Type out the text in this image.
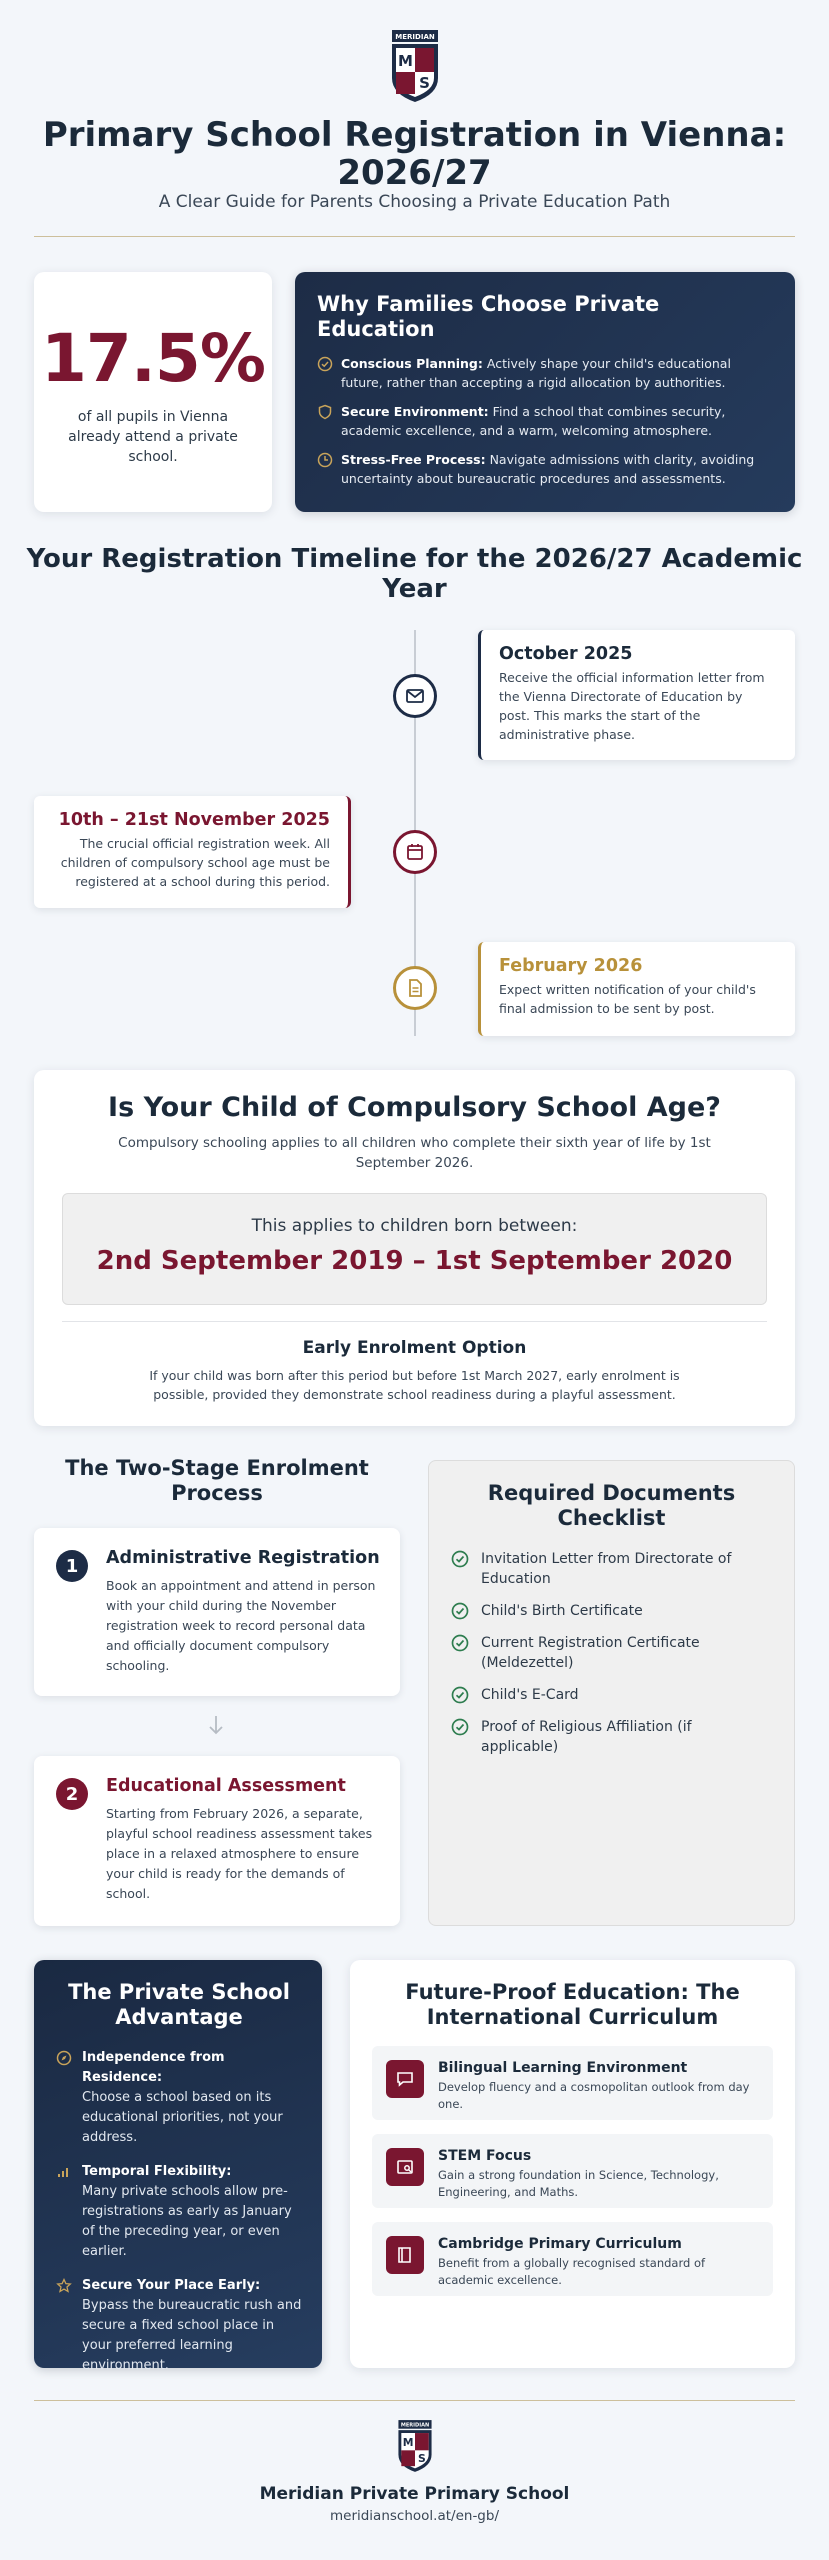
MERIDIAN
M
S
Primary School Registration in Vienna: 2026/27
A Clear Guide for Parents Choosing a Private Education Path
17.5%
of all pupils in Vienna already attend a private school.
Why Families Choose Private Education
Conscious Planning: Actively shape your child's educational future, rather than accepting a rigid allocation by authorities.
Secure Environment: Find a school that combines security, academic excellence, and a warm, welcoming atmosphere.
Stress-Free Process: Navigate admissions with clarity, avoiding uncertainty about bureaucratic procedures and assessments.
Your Registration Timeline for the 2026/27 Academic Year
October 2025

Receive the official information letter from the Vienna Directorate of Education by post. This marks the start of the administrative phase.

10th – 21st November 2025

The crucial official registration week. All children of compulsory school age must be registered at a school during this period.

February 2026

Expect written notification of your child's final admission to be sent by post.

Is Your Child of Compulsory School Age?
Compulsory schooling applies to all children who complete their sixth year of life by 1st September 2026.
This applies to children born between:
2nd September 2019 – 1st September 2020
Early Enrolment Option
If your child was born after this period but before 1st March 2027, early enrolment is possible, provided they demonstrate school readiness during a playful assessment.
The Two-Stage Enrolment Process
1	Administrative Registration

Book an appointment and attend in person with your child during the November registration week to record personal data and officially document compulsory schooling.

2	Educational Assessment

Starting from February 2026, a separate, playful school readiness assessment takes place in a relaxed atmosphere to ensure your child is ready for the demands of school.

Required Documents Checklist
Invitation Letter from Directorate of Education
Child's Birth Certificate
Current Registration Certificate (Meldezettel)
Child's E-Card
Proof of Religious Affiliation (if applicable)
The Private School Advantage
Independence from Residence:
Choose a school based on its educational priorities, not your address.
Temporal Flexibility:
Many private schools allow pre-registrations as early as January of the preceding year, or even earlier.
Secure Your Place Early:
Bypass the bureaucratic rush and secure a fixed school place in your preferred learning environment.
Future-Proof Education: The International Curriculum
Bilingual Learning Environment

Develop fluency and a cosmopolitan outlook from day one.

STEM Focus

Gain a strong foundation in Science, Technology, Engineering, and Maths.

Cambridge Primary Curriculum

Benefit from a globally recognised standard of academic excellence.

MERIDIAN
M
S
Meridian Private Primary School
meridianschool.at/en-gb/
